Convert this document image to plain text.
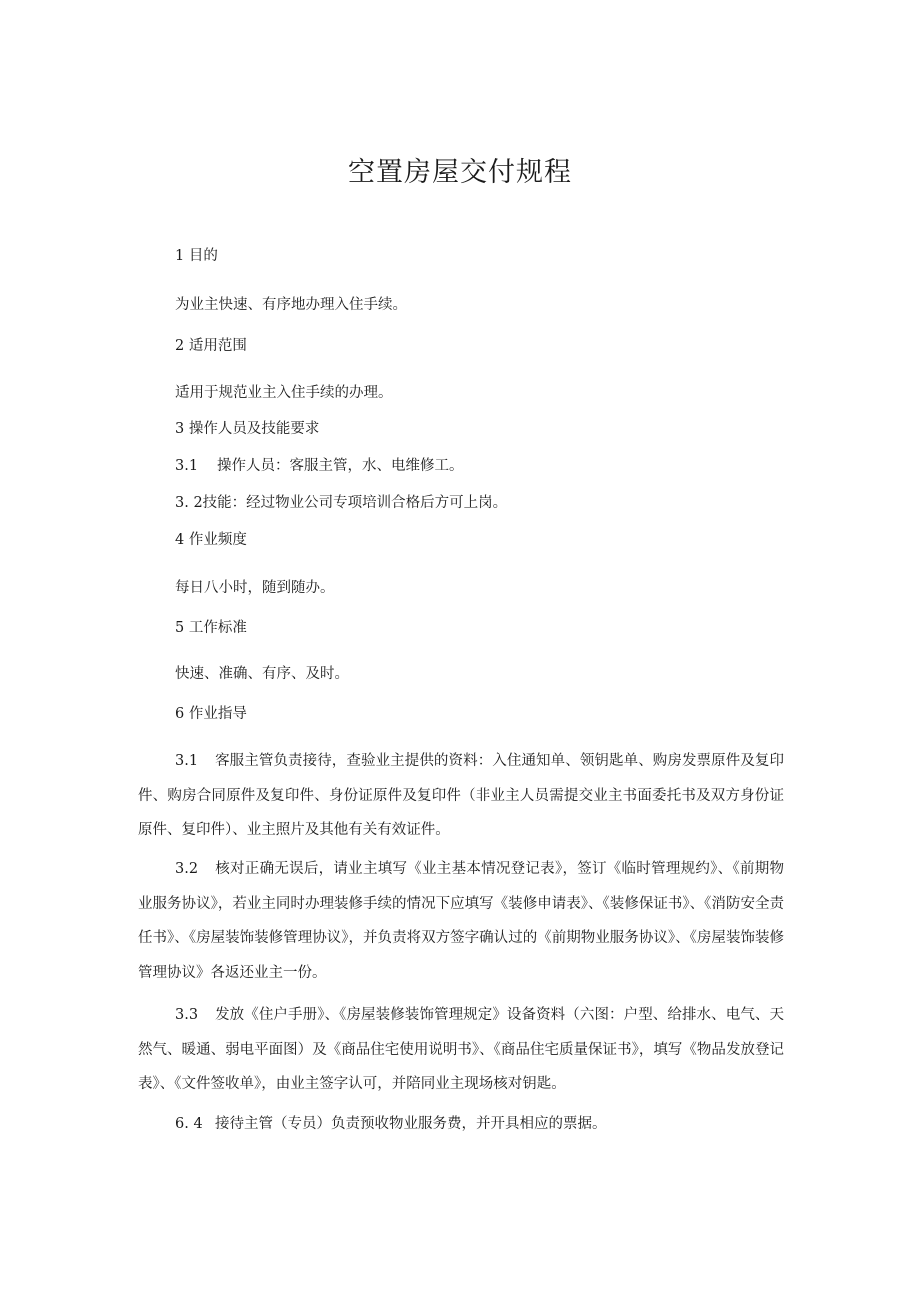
空置房屋交付规程

1 目的

为业主快速、有序地办理入住手续。

2 适用范围

适用于规范业主入住手续的办理。

3 操作人员及技能要求

3.1 操作人员：客服主管，水、电维修工。

3. 2技能：经过物业公司专项培训合格后方可上岗。

4 作业频度

每日八小时，随到随办。

5 工作标准

快速、准确、有序、及时。

6 作业指导

3.1 客服主管负责接待，查验业主提供的资料：入住通知单、领钥匙单、购房发票原件及复印件、购房合同原件及复印件、身份证原件及复印件（非业主人员需提交业主书面委托书及双方身份证原件、复印件）、业主照片及其他有关有效证件。

3.2 核对正确无误后，请业主填写《业主基本情况登记表》，签订《临时管理规约》、《前期物业服务协议》，若业主同时办理装修手续的情况下应填写《装修申请表》、《装修保证书》、《消防安全责任书》、《房屋装饰装修管理协议》，并负责将双方签字确认过的《前期物业服务协议》、《房屋装饰装修管理协议》各返还业主一份。

3.3 发放《住户手册》、《房屋装修装饰管理规定》设备资料（六图：户型、给排水、电气、天然气、暖通、弱电平面图）及《商品住宅使用说明书》、《商品住宅质量保证书》，填写《物品发放登记表》、《文件签收单》，由业主签字认可，并陪同业主现场核对钥匙。

6. 4 接待主管（专员）负责预收物业服务费，并开具相应的票据。
